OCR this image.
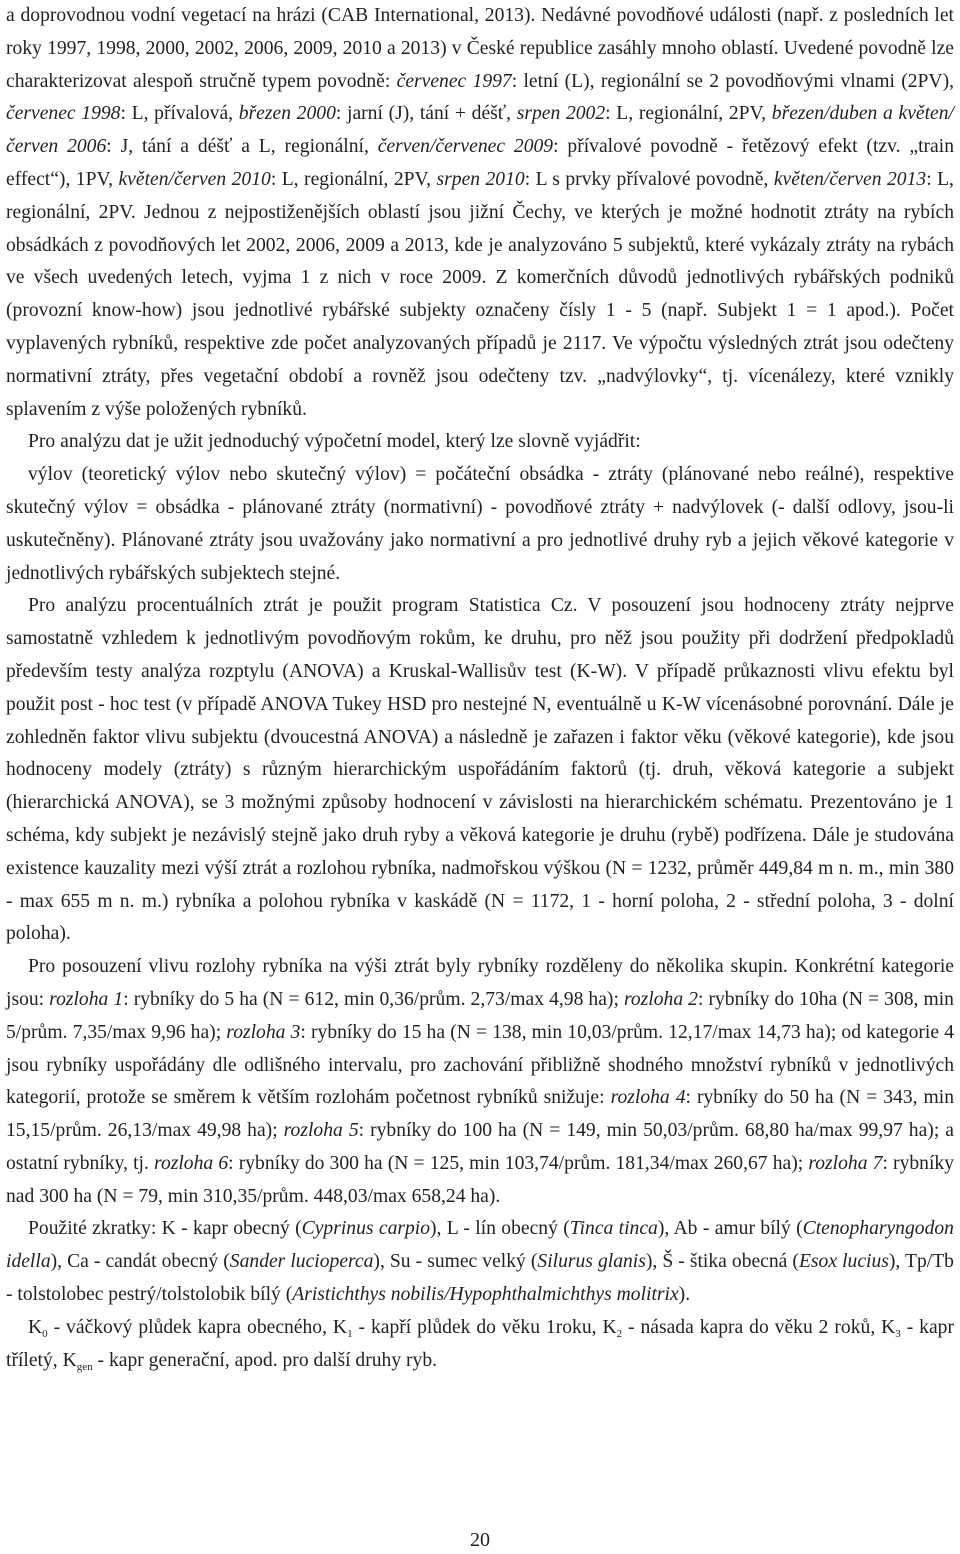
a doprovodnou vodní vegetací na hrázi (CAB International, 2013). Nedávné povodňové události (např. z posledních let roky 1997, 1998, 2000, 2002, 2006, 2009, 2010 a 2013) v České republice zasáhly mnoho oblastí. Uvedené povodně lze charakterizovat alespoň stručně typem povodně: červenec 1997: letní (L), regionální se 2 povodňovými vlnami (2PV), červenec 1998: L, přívalová, březen 2000: jarní (J), tání + déšť, srpen 2002: L, regionální, 2PV, březen/duben a květen/červen 2006: J, tání a déšť a L, regionální, červen/červenec 2009: přívalové povodně - řetězový efekt (tzv. „train effect“), 1PV, květen/červen 2010: L, regionální, 2PV, srpen 2010: L s prvky přívalové povodně, květen/červen 2013: L, regionální, 2PV. Jednou z nejpostiženějších oblastí jsou jižní Čechy, ve kterých je možné hodnotit ztráty na rybích obsádkách z povodňových let 2002, 2006, 2009 a 2013, kde je analyzováno 5 subjektů, které vykázaly ztráty na rybách ve všech uvedených letech, vyjma 1 z nich v roce 2009. Z komerčních důvodů jednotlivých rybářských podniků (provozní know-how) jsou jednotlivé rybářské subjekty označeny čísly 1 - 5 (např. Subjekt 1 = 1 apod.). Počet vyplavených rybníků, respektive zde počet analyzovaných případů je 2117. Ve výpočtu výsledných ztrát jsou odečteny normativní ztráty, přes vegetační období a rovněž jsou odečteny tzv. „nadvýlovky“, tj. vícenálezy, které vznikly splavením z výše položených rybníků.

Pro analýzu dat je užit jednoduchý výpočetní model, který lze slovně vyjádřit:

výlov (teoretický výlov nebo skutečný výlov) = počáteční obsádka - ztráty (plánované nebo reálné), respektive skutečný výlov = obsádka - plánované ztráty (normativní) - povodňové ztráty + nadvýlovek (- další odlovy, jsou-li uskutečněny). Plánované ztráty jsou uvažovány jako normativní a pro jednotlivé druhy ryb a jejich věkové kategorie v jednotlivých rybářských subjektech stejné.

Pro analýzu procentuálních ztrát je použit program Statistica Cz. V posouzení jsou hodnoceny ztráty nejprve samostatně vzhledem k jednotlivým povodňovým rokům, ke druhu, pro něž jsou použity při dodržení předpokladů především testy analýza rozptylu (ANOVA) a Kruskal-Wallisův test (K-W). V případě průkaznosti vlivu efektu byl použit post - hoc test (v případě ANOVA Tukey HSD pro nestejné N, eventuálně u K-W vícenásobné porovnání. Dále je zohledněn faktor vlivu subjektu (dvoucestná ANOVA) a následně je zařazen i faktor věku (věkové kategorie), kde jsou hodnoceny modely (ztráty) s různým hierarchickým uspořádáním faktorů (tj. druh, věková kategorie a subjekt (hierarchická ANOVA), se 3 možnými způsoby hodnocení v závislosti na hierarchickém schématu. Prezentováno je 1 schéma, kdy subjekt je nezávislý stejně jako druh ryby a věková kategorie je druhu (rybě) podřízena. Dále je studována existence kauzality mezi výší ztrát a rozlohou rybníka, nadmořskou výškou (N = 1232, průměr 449,84 m n. m., min 380 - max 655 m n. m.) rybníka a polohou rybníka v kaskádě (N = 1172, 1 - horní poloha, 2 - střední poloha, 3 - dolní poloha).

Pro posouzení vlivu rozlohy rybníka na výši ztrát byly rybníky rozděleny do několika skupin. Konkrétní kategorie jsou: rozloha 1: rybníky do 5 ha (N = 612, min 0,36/prům. 2,73/max 4,98 ha); rozloha 2: rybníky do 10ha (N = 308, min 5/prům. 7,35/max 9,96 ha); rozloha 3: rybníky do 15 ha (N = 138, min 10,03/prům. 12,17/max 14,73 ha); od kategorie 4 jsou rybníky uspořádány dle odlišného intervalu, pro zachování přibližně shodného množství rybníků v jednotlivých kategorií, protože se směrem k větším rozlohám početnost rybníků snižuje: rozloha 4: rybníky do 50 ha (N = 343, min 15,15/prům. 26,13/max 49,98 ha); rozloha 5: rybníky do 100 ha (N = 149, min 50,03/prům. 68,80 ha/max 99,97 ha); a ostatní rybníky, tj. rozloha 6: rybníky do 300 ha (N = 125, min 103,74/prům. 181,34/max 260,67 ha); rozloha 7: rybníky nad 300 ha (N = 79, min 310,35/prům. 448,03/max 658,24 ha).

Použité zkratky: K - kapr obecný (Cyprinus carpio), L - lín obecný (Tinca tinca), Ab - amur bílý (Ctenopharyngodon idella), Ca - candát obecný (Sander lucioperca), Su - sumec velký (Silurus glanis), Š - štika obecná (Esox lucius), Tp/Tb - tolstolobec pestrý/tolstolobik bílý (Aristichthys nobilis/Hypophthalmichthys molitrix).

$K_0$ - váčkový plůdek kapra obecného, $K_1$ - kapří plůdek do věku 1roku, $K_2$ - násada kapra do věku 2 roků, $K_3$ - kapr tříletý, $K_{gen}$ - kapr generační, apod. pro další druhy ryb.

20
